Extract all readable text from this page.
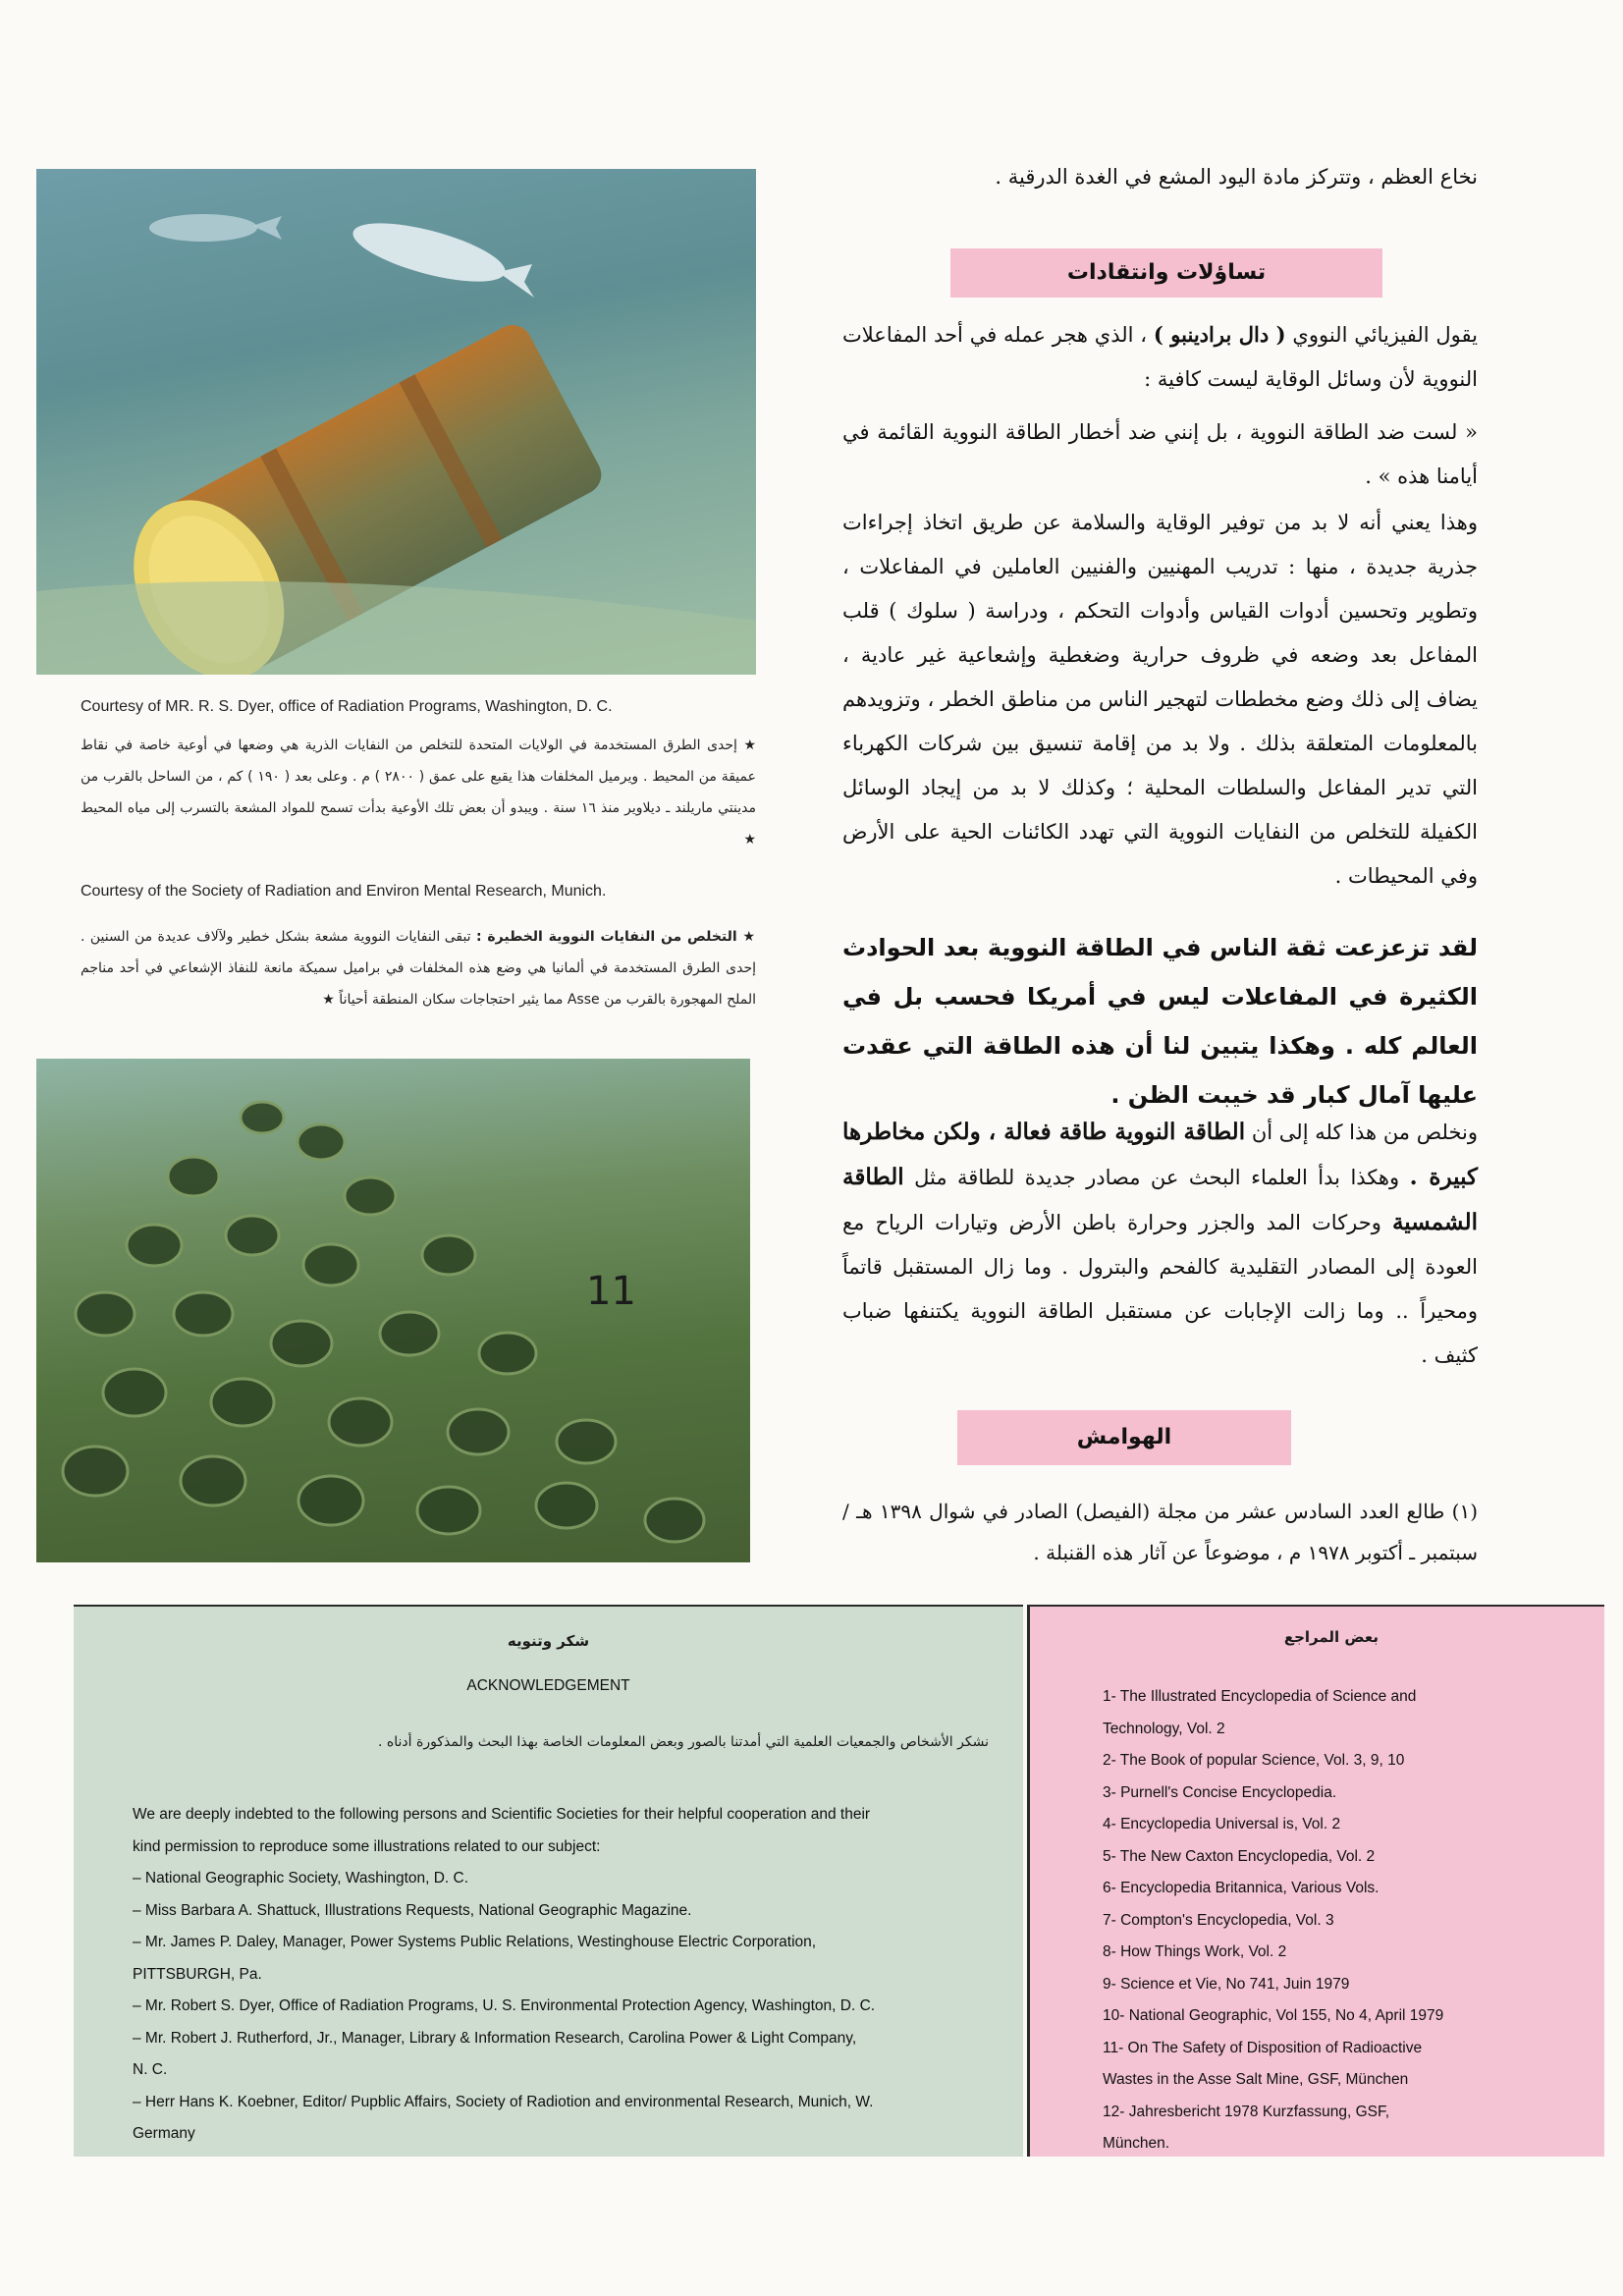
Courtesy of MR. R. S. Dyer, office of Radiation Programs, Washington, D. C.
★ إحدى الطرق المستخدمة في الولايات المتحدة للتخلص من النفايات الذرية هي وضعها في أوعية خاصة في نقاط عميقة من المحيط . ويرميل المخلفات هذا يقبع على عمق ( ٢٨٠٠ ) م . وعلى بعد ( ١٩٠ ) كم ، من الساحل بالقرب من مدينتي ماريلند ـ ديلاوير منذ ١٦ سنة . ويبدو أن بعض تلك الأوعية بدأت تسمح للمواد المشعة بالتسرب إلى مياه المحيط ★
Courtesy of the Society of Radiation and Environ Mental Research, Munich.
★ التخلص من النفايات النووية الخطيرة : تبقى النفايات النووية مشعة بشكل خطير ولآلاف عديدة من السنين . إحدى الطرق المستخدمة في ألمانيا هي وضع هذه المخلفات في براميل سميكة مانعة للنفاذ الإشعاعي في أحد مناجم الملح المهجورة بالقرب من Asse مما يثير احتجاجات سكان المنطقة أحياناً ★
11
نخاع العظم ، وتتركز مادة اليود المشع في الغدة الدرقية .
تساؤلات وانتقادات
يقول الفيزيائي النووي ( دال برادينبو ) ، الذي هجر عمله في أحد المفاعلات النووية لأن وسائل الوقاية ليست كافية :
« لست ضد الطاقة النووية ، بل إنني ضد أخطار الطاقة النووية القائمة في أيامنا هذه » .
وهذا يعني أنه لا بد من توفير الوقاية والسلامة عن طريق اتخاذ إجراءات جذرية جديدة ، منها : تدريب المهنيين والفنيين العاملين في المفاعلات ، وتطوير وتحسين أدوات القياس وأدوات التحكم ، ودراسة ( سلوك ) قلب المفاعل بعد وضعه في ظروف حرارية وضغطية وإشعاعية غير عادية ، يضاف إلى ذلك وضع مخططات لتهجير الناس من مناطق الخطر ، وتزويدهم بالمعلومات المتعلقة بذلك . ولا بد من إقامة تنسيق بين شركات الكهرباء التي تدير المفاعل والسلطات المحلية ؛ وكذلك لا بد من إيجاد الوسائل الكفيلة للتخلص من النفايات النووية التي تهدد الكائنات الحية على الأرض وفي المحيطات .
لقد تزعزعت ثقة الناس في الطاقة النووية بعد الحوادث الكثيرة في المفاعلات ليس في أمريكا فحسب بل في العالم كله . وهكذا يتبين لنا أن هذه الطاقة التي عقدت عليها آمال كبار قد خيبت الظن .
ونخلص من هذا كله إلى أن الطاقة النووية طاقة فعالة ، ولكن مخاطرها كبيرة . وهكذا بدأ العلماء البحث عن مصادر جديدة للطاقة مثل الطاقة الشمسية وحركات المد والجزر وحرارة باطن الأرض وتيارات الرياح مع العودة إلى المصادر التقليدية كالفحم والبترول . وما زال المستقبل قاتماً ومحيراً .. وما زالت الإجابات عن مستقبل الطاقة النووية يكتنفها ضباب كثيف .
الهوامش
(١) طالع العدد السادس عشر من مجلة (الفيصل) الصادر في شوال ١٣٩٨ هـ / سبتمبر ـ أكتوبر ١٩٧٨ م ، موضوعاً عن آثار هذه القنبلة .
شكر وتنويه
ACKNOWLEDGEMENT
نشكر الأشخاص والجمعيات العلمية التي أمدتنا بالصور وبعض المعلومات الخاصة بهذا البحث والمذكورة أدناه .
We are deeply indebted to the following persons and Scientific Societies for their helpful cooperation and their
kind permission to reproduce some illustrations related to our subject:
– National Geographic Society, Washington, D. C.
– Miss Barbara A. Shattuck, Illustrations Requests, National Geographic Magazine.
– Mr. James P. Daley, Manager, Power Systems Public Relations, Westinghouse Electric Corporation,
PITTSBURGH, Pa.
– Mr. Robert S. Dyer, Office of Radiation Programs, U. S. Environmental Protection Agency, Washington, D. C.
– Mr. Robert J. Rutherford, Jr., Manager, Library & Information Research, Carolina Power & Light Company,
N. C.
– Herr Hans K. Koebner, Editor/ Pupblic Affairs, Society of Radiotion and environmental Research, Munich, W.
Germany
بعض المراجع
1- The Illustrated Encyclopedia of Science and
Technology, Vol. 2
2- The Book of popular Science, Vol. 3, 9, 10
3- Purnell's Concise Encyclopedia.
4- Encyclopedia Universal is, Vol. 2
5- The New Caxton Encyclopedia, Vol. 2
6- Encyclopedia Britannica, Various Vols.
7- Compton's Encyclopedia, Vol. 3
8- How Things Work, Vol. 2
9- Science et Vie, No 741, Juin 1979
10- National Geographic, Vol 155, No 4, April 1979
11- On The Safety of Disposition of Radioactive
Wastes in the Asse Salt Mine, GSF, München
12- Jahresbericht 1978 Kurzfassung, GSF,
München.
